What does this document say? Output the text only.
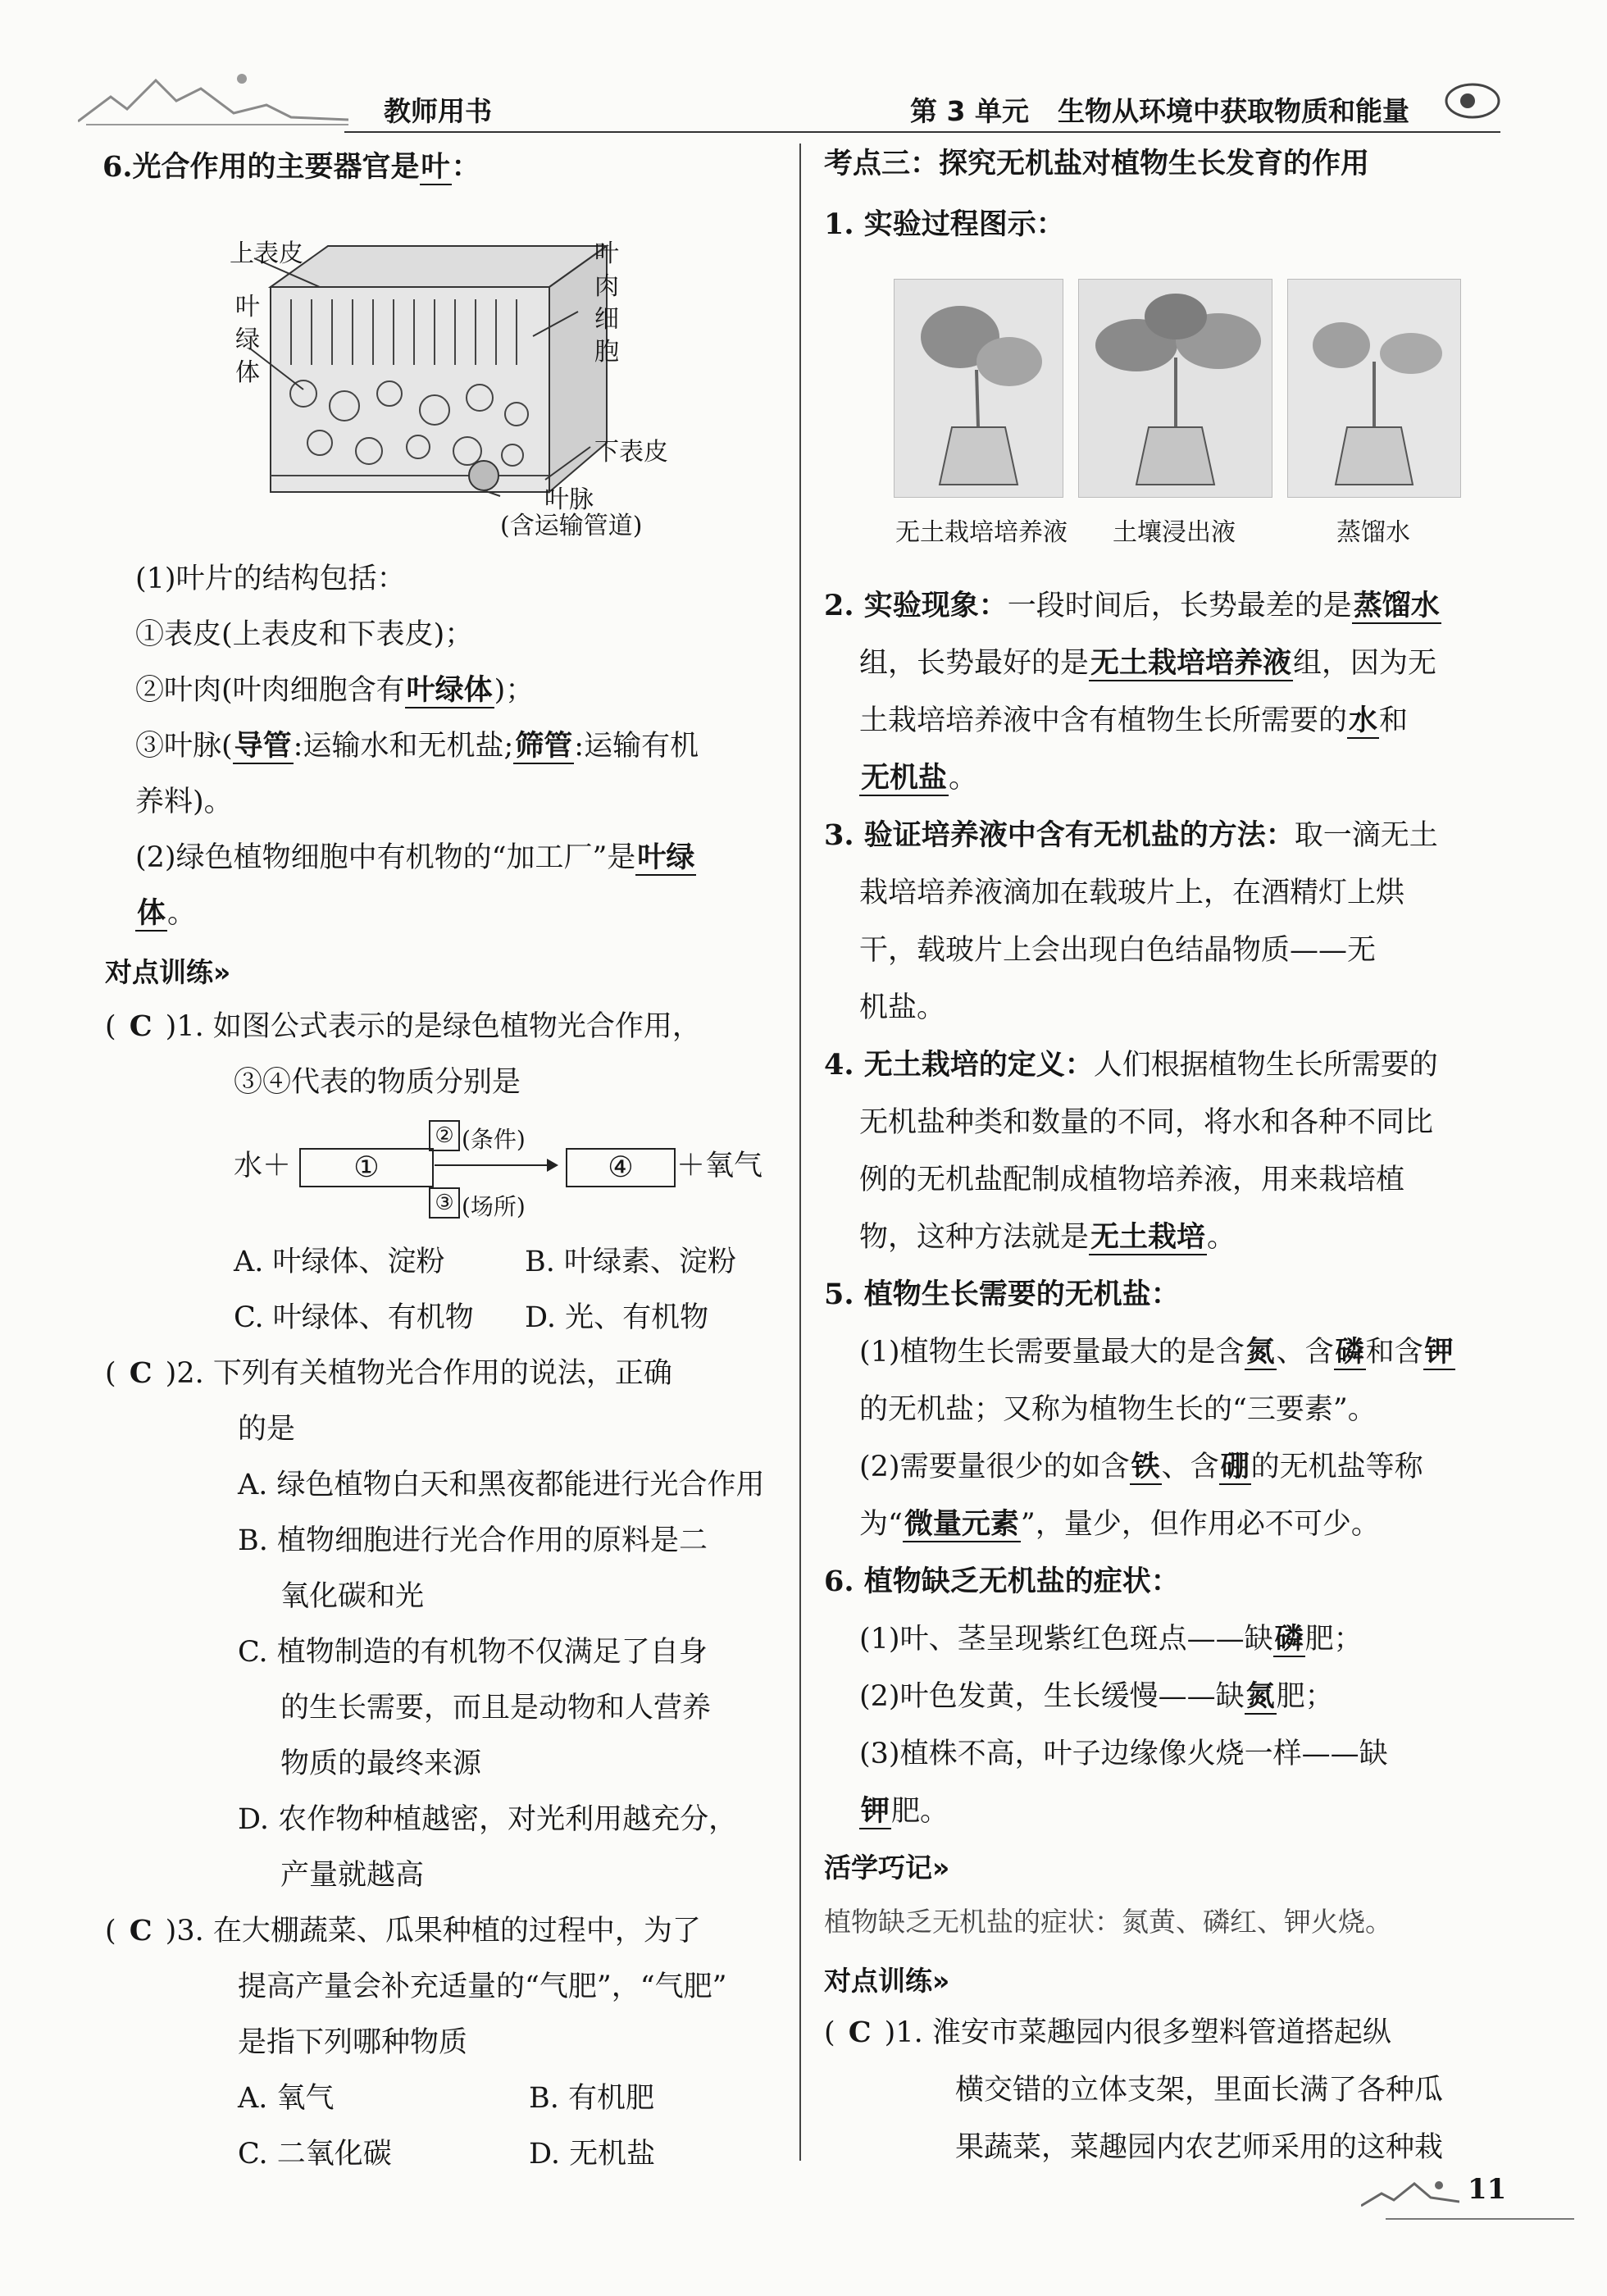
教师用书	第 3 单元 生物从环境中获取物质和能量
6.光合作用的主要器官是叶：
上表皮	叶
肉
细
胞
叶
绿
体
下表皮
叶脉
(含运输管道)
(1)叶片的结构包括：
①表皮(上表皮和下表皮)；
②叶肉(叶肉细胞含有叶绿体)；
③叶脉(导管:运输水和无机盐;筛管:运输有机
养料)。
(2)绿色植物细胞中有机物的“加工厂”是叶绿
体。
对点训练»
( C )1. 如图公式表示的是绿色植物光合作用，
③④代表的物质分别是
水＋	①
② (条件)
③ (场所)
④	＋氧气
A. 叶绿体、淀粉	B. 叶绿素、淀粉
C. 叶绿体、有机物 D. 光、有机物
( C )2. 下列有关植物光合作用的说法，正确
的是
A. 绿色植物白天和黑夜都能进行光合作用
B. 植物细胞进行光合作用的原料是二
氧化碳和光
C. 植物制造的有机物不仅满足了自身
的生长需要，而且是动物和人营养
物质的最终来源
D. 农作物种植越密，对光利用越充分，
产量就越高
( C )3. 在大棚蔬菜、瓜果种植的过程中，为了
提高产量会补充适量的“气肥”，“气肥”
是指下列哪种物质
A. 氧气	B. 有机肥
C. 二氧化碳	D. 无机盐
考点三：探究无机盐对植物生长发育的作用
1. 实验过程图示：
无土栽培培养液 土壤浸出液	蒸馏水
2. 实验现象：一段时间后，长势最差的是蒸馏水
组，长势最好的是无土栽培培养液组，因为无
土栽培培养液中含有植物生长所需要的水和
无机盐。
3. 验证培养液中含有无机盐的方法：取一滴无土
栽培培养液滴加在载玻片上，在酒精灯上烘
干，载玻片上会出现白色结晶物质——无
机盐。
4. 无土栽培的定义：人们根据植物生长所需要的
无机盐种类和数量的不同，将水和各种不同比
例的无机盐配制成植物培养液，用来栽培植
物，这种方法就是无土栽培。
5. 植物生长需要的无机盐：
(1)植物生长需要量最大的是含氮、含磷和含钾
的无机盐；又称为植物生长的“三要素”。
(2)需要量很少的如含铁、含硼的无机盐等称
为“微量元素”，量少，但作用必不可少。
6. 植物缺乏无机盐的症状：
(1)叶、茎呈现紫红色斑点——缺磷肥；
(2)叶色发黄，生长缓慢——缺氮肥；
(3)植株不高，叶子边缘像火烧一样——缺
钾肥。
活学巧记»
植物缺乏无机盐的症状：氮黄、磷红、钾火烧。
对点训练»
( C )1. 淮安市菜趣园内很多塑料管道搭起纵
横交错的立体支架，里面长满了各种瓜
果蔬菜，菜趣园内农艺师采用的这种栽
11
